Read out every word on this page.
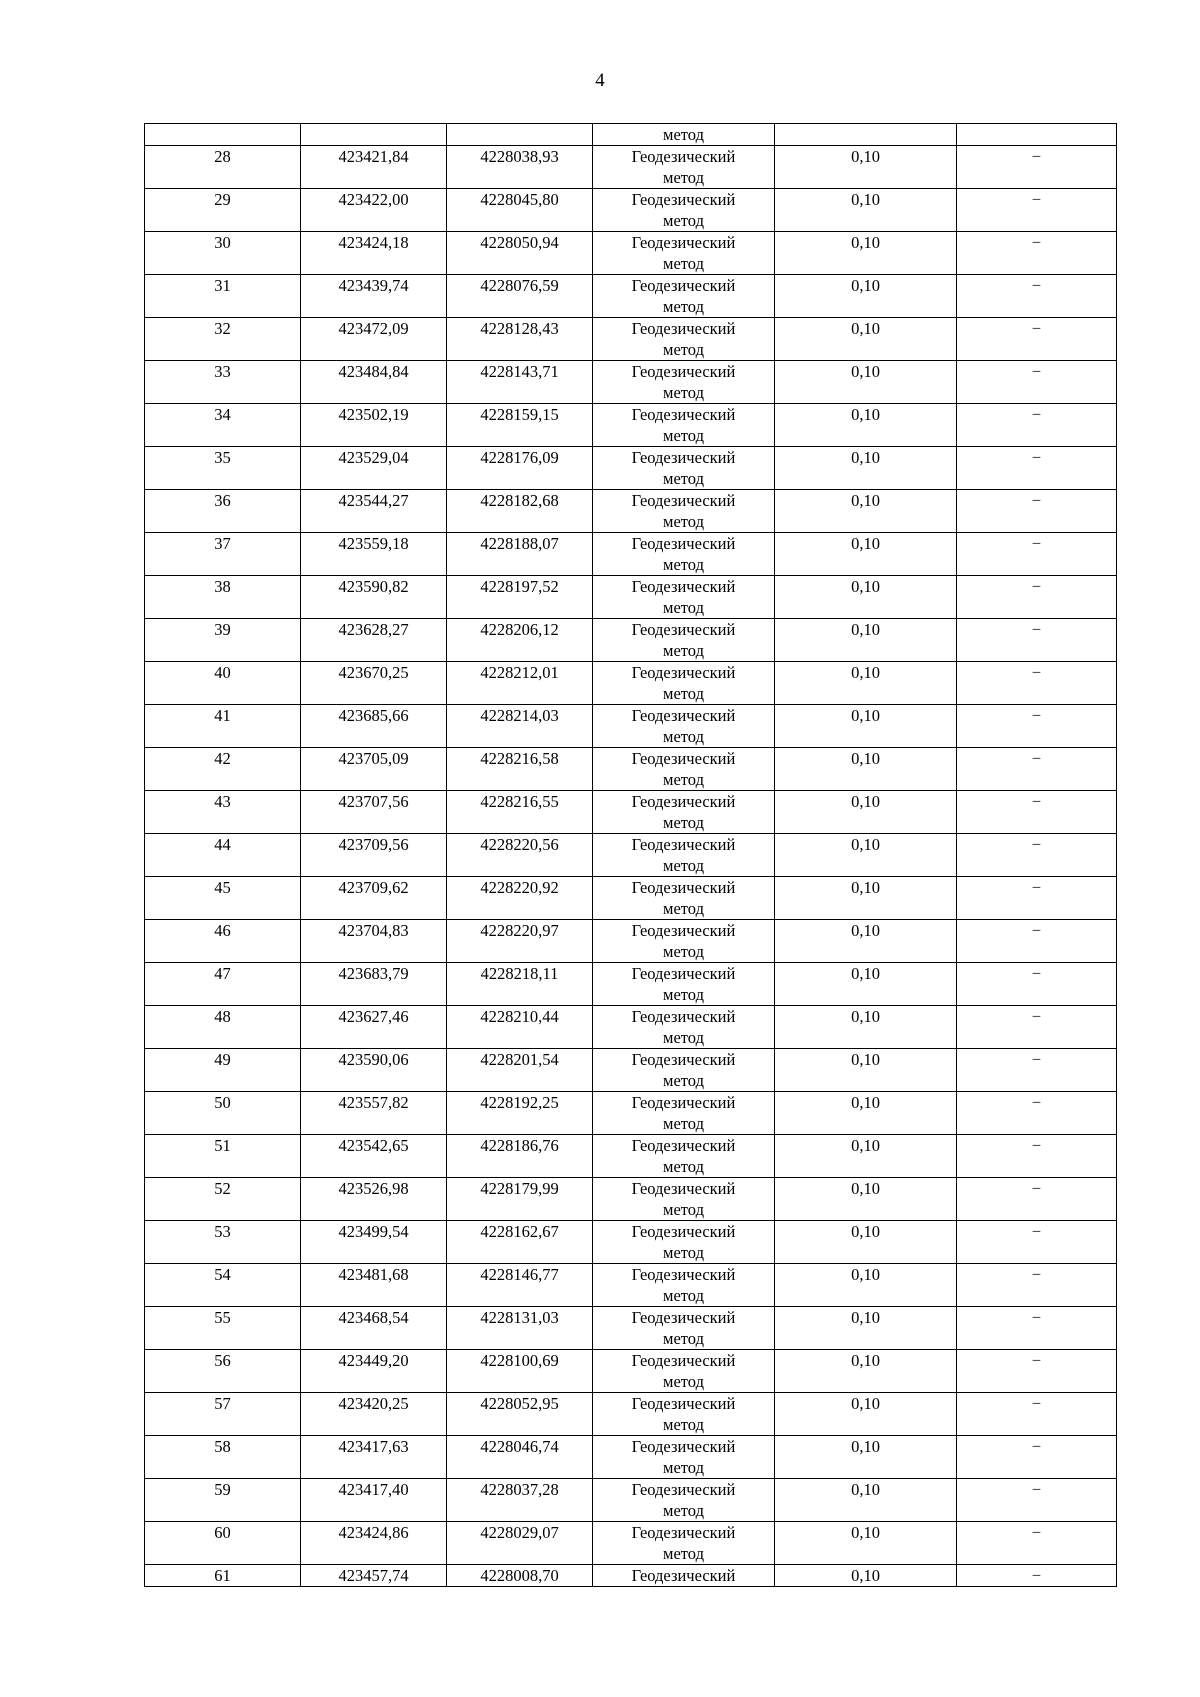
4

			метод		

28	423421,84	4228038,93	Геодезический
метод	0,10	–
29	423422,00	4228045,80	Геодезический
метод	0,10	–
30	423424,18	4228050,94	Геодезический
метод	0,10	–
31	423439,74	4228076,59	Геодезический
метод	0,10	–
32	423472,09	4228128,43	Геодезический
метод	0,10	–
33	423484,84	4228143,71	Геодезический
метод	0,10	–
34	423502,19	4228159,15	Геодезический
метод	0,10	–
35	423529,04	4228176,09	Геодезический
метод	0,10	–
36	423544,27	4228182,68	Геодезический
метод	0,10	–
37	423559,18	4228188,07	Геодезический
метод	0,10	–
38	423590,82	4228197,52	Геодезический
метод	0,10	–
39	423628,27	4228206,12	Геодезический
метод	0,10	–
40	423670,25	4228212,01	Геодезический
метод	0,10	–
41	423685,66	4228214,03	Геодезический
метод	0,10	–
42	423705,09	4228216,58	Геодезический
метод	0,10	–
43	423707,56	4228216,55	Геодезический
метод	0,10	–
44	423709,56	4228220,56	Геодезический
метод	0,10	–
45	423709,62	4228220,92	Геодезический
метод	0,10	–
46	423704,83	4228220,97	Геодезический
метод	0,10	–
47	423683,79	4228218,11	Геодезический
метод	0,10	–
48	423627,46	4228210,44	Геодезический
метод	0,10	–
49	423590,06	4228201,54	Геодезический
метод	0,10	–
50	423557,82	4228192,25	Геодезический
метод	0,10	–
51	423542,65	4228186,76	Геодезический
метод	0,10	–
52	423526,98	4228179,99	Геодезический
метод	0,10	–
53	423499,54	4228162,67	Геодезический
метод	0,10	–
54	423481,68	4228146,77	Геодезический
метод	0,10	–
55	423468,54	4228131,03	Геодезический
метод	0,10	–
56	423449,20	4228100,69	Геодезический
метод	0,10	–
57	423420,25	4228052,95	Геодезический
метод	0,10	–
58	423417,63	4228046,74	Геодезический
метод	0,10	–
59	423417,40	4228037,28	Геодезический
метод	0,10	–
60	423424,86	4228029,07	Геодезический
метод	0,10	–
61	423457,74	4228008,70	Геодезический	0,10	–
